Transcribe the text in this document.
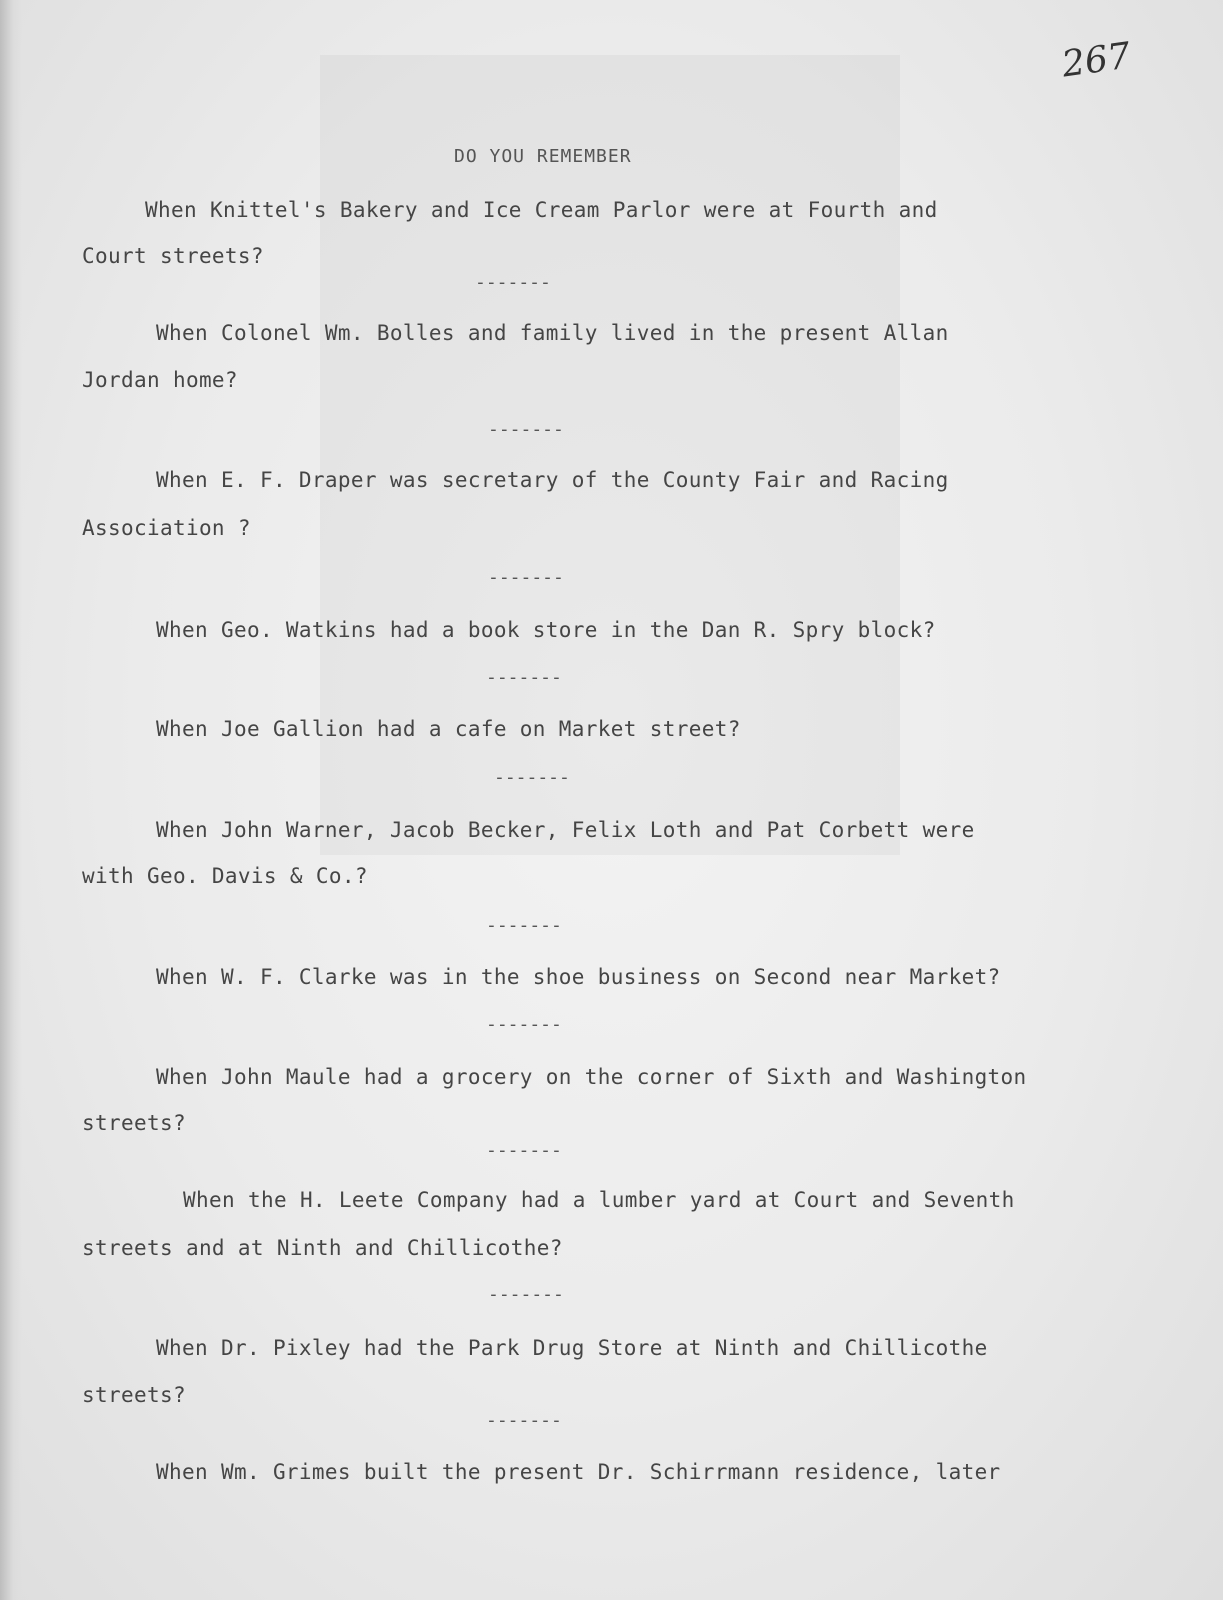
267
DO YOU REMEMBER
When Knittel's Bakery and Ice Cream Parlor were at Fourth and
Court streets?
-------
When Colonel Wm. Bolles and family lived in the present Allan
Jordan home?
-------
When E. F. Draper was secretary of the County Fair and Racing
Association ?
-------
When Geo. Watkins had a book store in the Dan R. Spry block?
-------
When Joe Gallion had a cafe on Market street?
-------
When John Warner, Jacob Becker, Felix Loth and Pat Corbett were
with Geo. Davis & Co.?
-------
When W. F. Clarke was in the shoe business on Second near Market?
-------
When John Maule had a grocery on the corner of Sixth and Washington
streets?
-------
When the H. Leete Company had a lumber yard at Court and Seventh
streets and at Ninth and Chillicothe?
-------
When Dr. Pixley had the Park Drug Store at Ninth and Chillicothe
streets?
-------
When Wm. Grimes built the present Dr. Schirrmann residence, later
